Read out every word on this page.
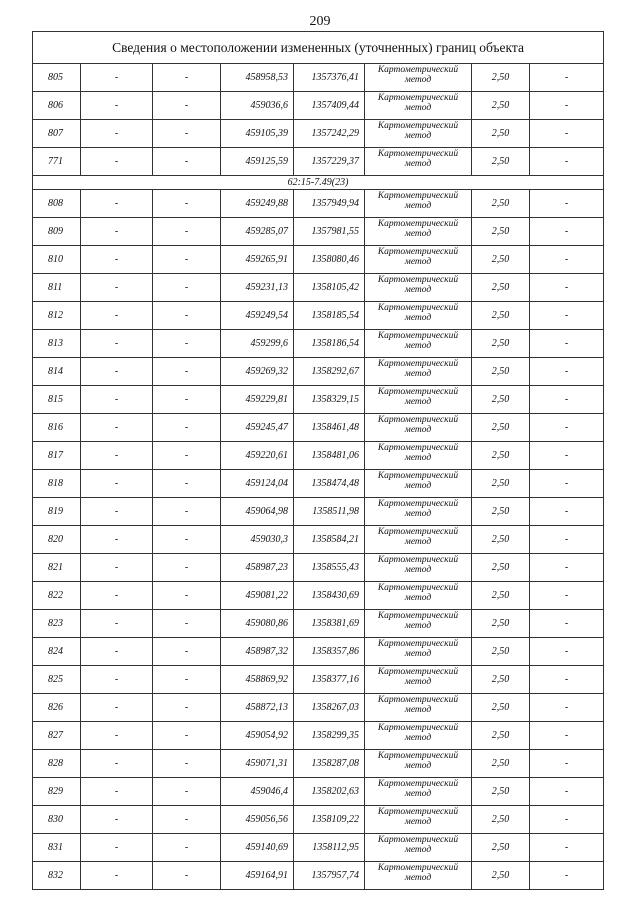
209
Сведения о местоположении измененных (уточненных) границ объекта							
805	-	-	458958,53	1357376,41	Картометрический метод	2,50	-
806	-	-	459036,6	1357409,44	Картометрический метод	2,50	-
807	-	-	459105,39	1357242,29	Картометрический метод	2,50	-
771	-	-	459125,59	1357229,37	Картометрический метод	2,50	-
62:15-7.49(23)							
808	-	-	459249,88	1357949,94	Картометрический метод	2,50	-
809	-	-	459285,07	1357981,55	Картометрический метод	2,50	-
810	-	-	459265,91	1358080,46	Картометрический метод	2,50	-
811	-	-	459231,13	1358105,42	Картометрический метод	2,50	-
812	-	-	459249,54	1358185,54	Картометрический метод	2,50	-
813	-	-	459299,6	1358186,54	Картометрический метод	2,50	-
814	-	-	459269,32	1358292,67	Картометрический метод	2,50	-
815	-	-	459229,81	1358329,15	Картометрический метод	2,50	-
816	-	-	459245,47	1358461,48	Картометрический метод	2,50	-
817	-	-	459220,61	1358481,06	Картометрический метод	2,50	-
818	-	-	459124,04	1358474,48	Картометрический метод	2,50	-
819	-	-	459064,98	1358511,98	Картометрический метод	2,50	-
820	-	-	459030,3	1358584,21	Картометрический метод	2,50	-
821	-	-	458987,23	1358555,43	Картометрический метод	2,50	-
822	-	-	459081,22	1358430,69	Картометрический метод	2,50	-
823	-	-	459080,86	1358381,69	Картометрический метод	2,50	-
824	-	-	458987,32	1358357,86	Картометрический метод	2,50	-
825	-	-	458869,92	1358377,16	Картометрический метод	2,50	-
826	-	-	458872,13	1358267,03	Картометрический метод	2,50	-
827	-	-	459054,92	1358299,35	Картометрический метод	2,50	-
828	-	-	459071,31	1358287,08	Картометрический метод	2,50	-
829	-	-	459046,4	1358202,63	Картометрический метод	2,50	-
830	-	-	459056,56	1358109,22	Картометрический метод	2,50	-
831	-	-	459140,69	1358112,95	Картометрический метод	2,50	-
832	-	-	459164,91	1357957,74	Картометрический метод	2,50	-
